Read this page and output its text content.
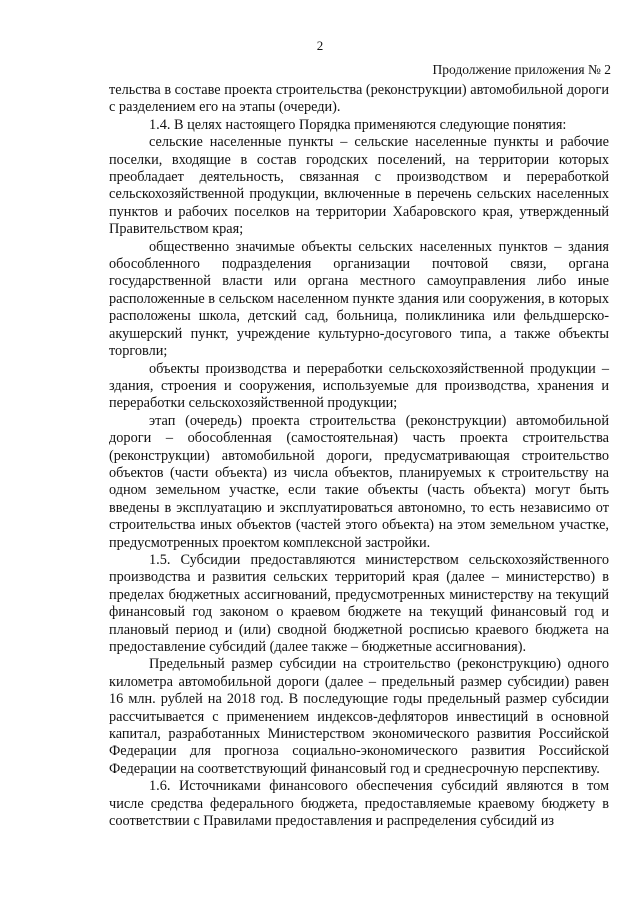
2
Продолжение приложения № 2

тельства в составе проекта строительства (реконструкции) автомобильной дороги с разделением его на этапы (очереди).

1.4. В целях настоящего Порядка применяются следующие понятия:

сельские населенные пункты – сельские населенные пункты и рабочие поселки, входящие в состав городских поселений, на территории которых преобладает деятельность, связанная с производством и переработкой сельскохозяйственной продукции, включенные в перечень сельских населенных пунктов и рабочих поселков на территории Хабаровского края, утвержденный Правительством края;

общественно значимые объекты сельских населенных пунктов – здания обособленного подразделения организации почтовой связи, органа государственной власти или органа местного самоуправления либо иные расположенные в сельском населенном пункте здания или сооружения, в которых расположены школа, детский сад, больница, поликлиника или фельдшерско-акушерский пункт, учреждение культурно-досугового типа, а также объекты торговли;

объекты производства и переработки сельскохозяйственной продукции – здания, строения и сооружения, используемые для производства, хранения и переработки сельскохозяйственной продукции;

этап (очередь) проекта строительства (реконструкции) автомобильной дороги – обособленная (самостоятельная) часть проекта строительства (реконструкции) автомобильной дороги, предусматривающая строительство объектов (части объекта) из числа объектов, планируемых к строительству на одном земельном участке, если такие объекты (часть объекта) могут быть введены в эксплуатацию и эксплуатироваться автономно, то есть независимо от строительства иных объектов (частей этого объекта) на этом земельном участке, предусмотренных проектом комплексной застройки.

1.5. Субсидии предоставляются министерством сельскохозяйственного производства и развития сельских территорий края (далее – министерство) в пределах бюджетных ассигнований, предусмотренных министерству на текущий финансовый год законом о краевом бюджете на текущий финансовый год и плановый период и (или) сводной бюджетной росписью краевого бюджета на предоставление субсидий (далее также – бюджетные ассигнования).

Предельный размер субсидии на строительство (реконструкцию) одного километра автомобильной дороги (далее – предельный размер субсидии) равен 16 млн. рублей на 2018 год. В последующие годы предельный размер субсидии рассчитывается с применением индексов-дефляторов инвестиций в основной капитал, разработанных Министерством экономического развития Российской Федерации для прогноза социально-экономического развития Российской Федерации на соответствующий финансовый год и среднесрочную перспективу.

1.6. Источниками финансового обеспечения субсидий являются в том числе средства федерального бюджета, предоставляемые краевому бюджету в соответствии с Правилами предоставления и распределения субсидий из
